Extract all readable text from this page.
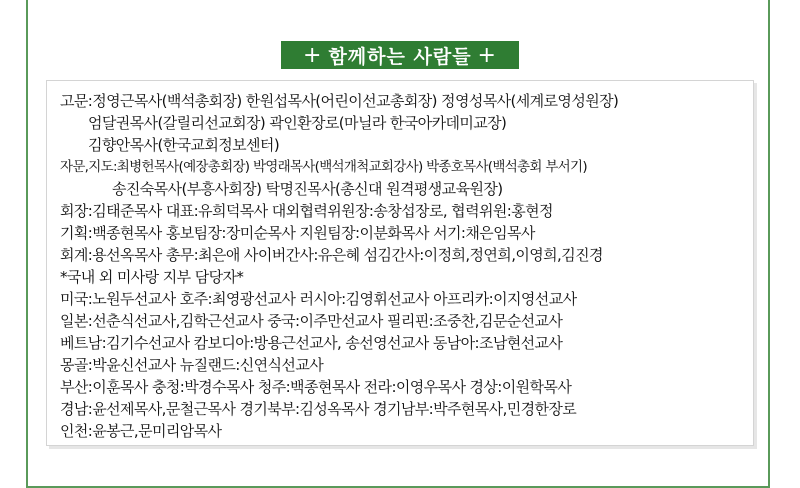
+ 함께하는 사람들 +
고문:정영근목사(백석총회장) 한원섭목사(어린이선교총회장) 정영성목사(세계로영성원장)
엄달권목사(갈릴리선교회장) 곽인환장로(마닐라 한국아카데미교장)
김향안목사(한국교회정보센터)
자문,지도:최병헌목사(예장총회장) 박영래목사(백석개척교회강사) 박종호목사(백석총회 부서기)
송진숙목사(부흥사회장) 탁명진목사(총신대 원격평생교육원장)
회장:김태준목사 대표:유희덕목사 대외협력위원장:송창섭장로, 협력위원:홍현정
기획:백종현목사 홍보팀장:장미순목사 지원팀장:이분화목사 서기:채은임목사
회계:용선옥목사 총무:최은애 사이버간사:유은혜 섬김간사:이정희,정연희,이영희,김진경
*국내 외 미사랑 지부 담당자*
미국:노원두선교사 호주:최영광선교사 러시아:김영휘선교사 아프리카:이지영선교사
일본:선춘식선교사,김학근선교사 중국:이주만선교사 필리핀:조중찬,김문순선교사
베트남:김기수선교사 캄보디아:방용근선교사, 송선영선교사 동남아:조남현선교사
몽골:박윤신선교사 뉴질랜드:신연식선교사
부산:이훈목사 충청:박경수목사 청주:백종현목사 전라:이영우목사 경상:이원학목사
경남:윤선제목사,문철근목사 경기북부:김성옥목사 경기남부:박주현목사,민경한장로
인천:윤봉근,문미리암목사
